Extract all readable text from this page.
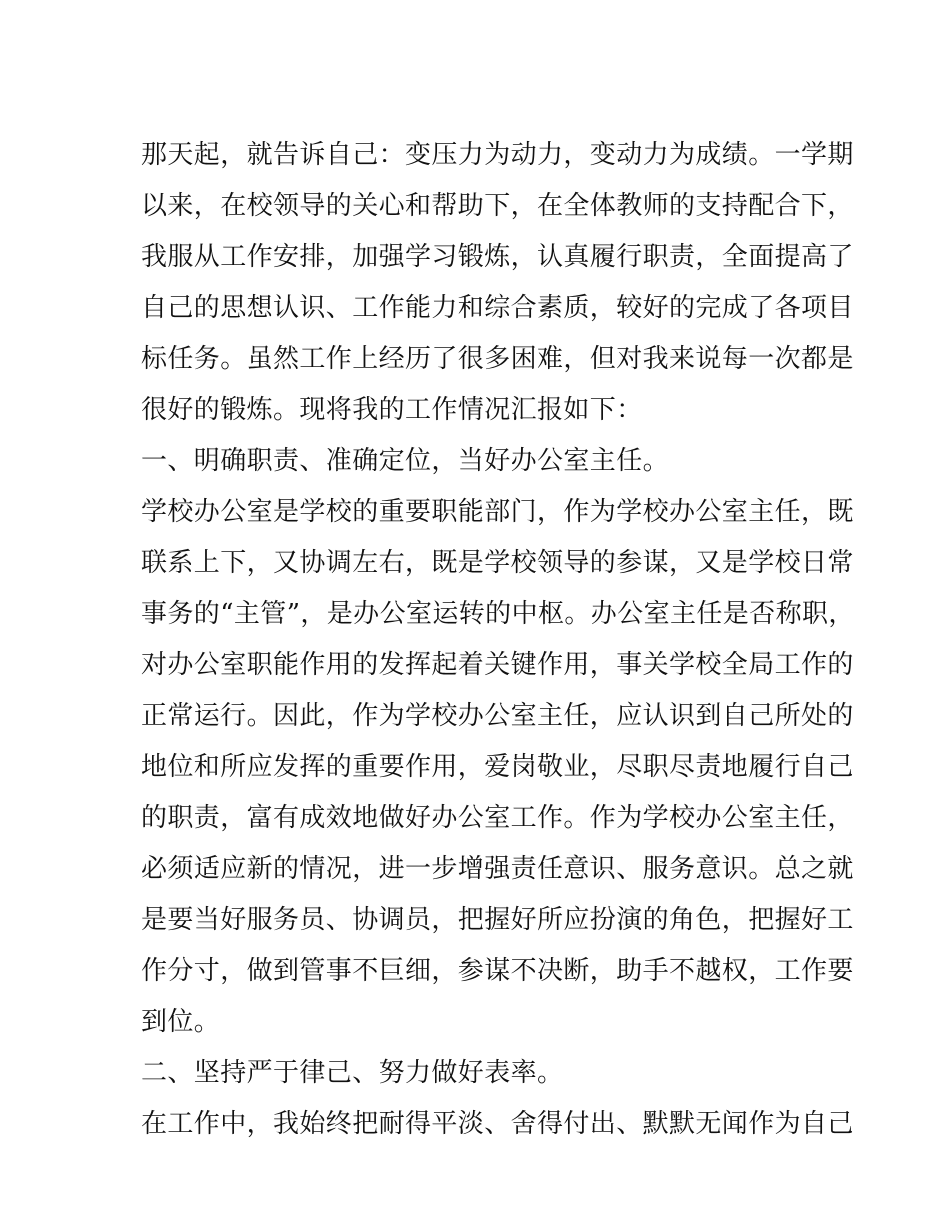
那天起，就告诉自己：变压力为动力，变动力为成绩。一学期
以来，在校领导的关心和帮助下，在全体教师的支持配合下，
我服从工作安排，加强学习锻炼，认真履行职责，全面提高了
自己的思想认识、工作能力和综合素质，较好的完成了各项目
标任务。虽然工作上经历了很多困难，但对我来说每一次都是
很好的锻炼。现将我的工作情况汇报如下：
一、明确职责、准确定位，当好办公室主任。
学校办公室是学校的重要职能部门，作为学校办公室主任，既
联系上下，又协调左右，既是学校领导的参谋，又是学校日常
事务的“主管”，是办公室运转的中枢。办公室主任是否称职，
对办公室职能作用的发挥起着关键作用，事关学校全局工作的
正常运行。因此，作为学校办公室主任，应认识到自己所处的
地位和所应发挥的重要作用，爱岗敬业，尽职尽责地履行自己
的职责，富有成效地做好办公室工作。作为学校办公室主任，
必须适应新的情况，进一步增强责任意识、服务意识。总之就
是要当好服务员、协调员，把握好所应扮演的角色，把握好工
作分寸，做到管事不巨细，参谋不决断，助手不越权，工作要
到位。
二、坚持严于律己、努力做好表率。
在工作中，我始终把耐得平淡、舍得付出、默默无闻作为自己
